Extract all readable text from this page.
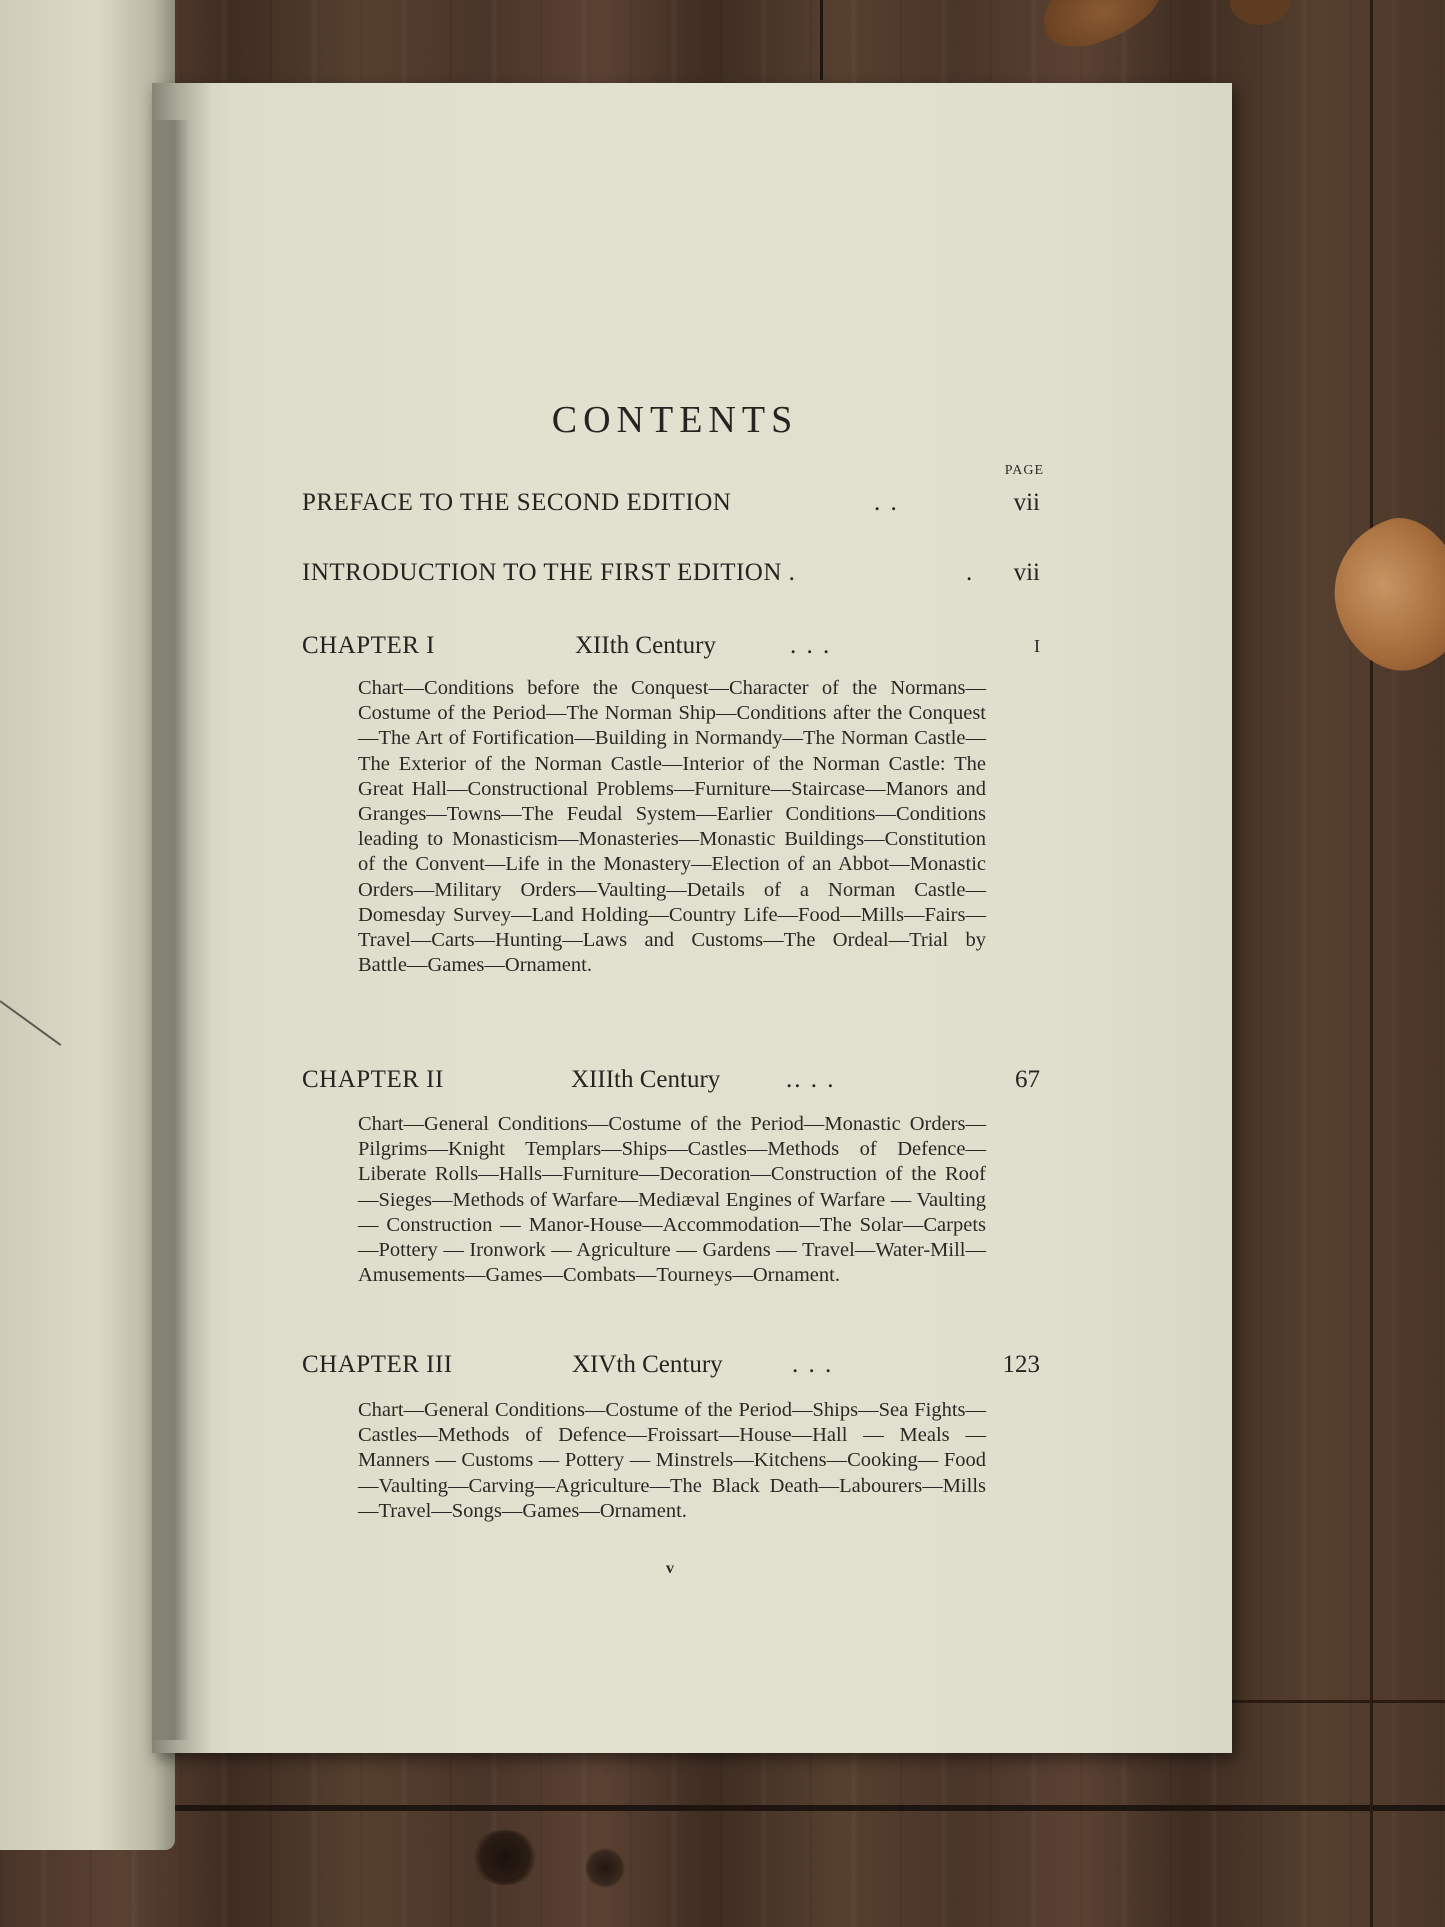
CONTENTS
PAGE
PREFACE TO THE SECOND EDITION	. .	vii
INTRODUCTION TO THE FIRST EDITION .	. vii
CHAPTER I	XIIth Century	. . .	I

Chart—Conditions before the Conquest—Character of the Normans—Costume of the Period—The Norman Ship—Conditions after the Conquest—The Art of Fortification—Building in Normandy—The Norman Castle—The Exterior of the Norman Castle—Interior of the Norman Castle: The Great Hall—Constructional Problems—Furniture—Staircase—Manors and Granges—Towns—The Feudal System—Earlier Conditions—Conditions leading to Monasticism—Monasteries—Monastic Buildings—Constitution of the Convent—Life in the Monastery—Election of an Abbot—Monastic Orders—Military Orders—Vaulting—Details of a Norman Castle—Domesday Survey—Land Holding—Country Life—Food—Mills—Fairs—Travel—Carts—Hunting—Laws and Customs—The Ordeal—Trial by Battle—Games—Ornament.

CHAPTER II	XIIIth Century	.. . .	67

Chart—General Conditions—Costume of the Period—Monastic Orders—Pilgrims—Knight Templars—Ships—Castles—Methods of Defence—Liberate Rolls—Halls—Furniture—Decoration—Construction of the Roof—Sieges—Methods of Warfare—Mediæval Engines of Warfare — Vaulting — Construction — Manor-House—Accommodation—The Solar—Carpets—Pottery — Ironwork — Agriculture — Gardens — Travel—Water-Mill—Amusements—Games—Combats—Tourneys—Ornament.

CHAPTER III	XIVth Century	. . .	123

Chart—General Conditions—Costume of the Period—Ships—Sea Fights—Castles—Methods of Defence—Froissart—House—Hall — Meals — Manners — Customs — Pottery — Minstrels—Kitchens—Cooking— Food—Vaulting—Carving—Agriculture—The Black Death—Labourers—Mills—Travel—Songs—Games—Ornament.

v
